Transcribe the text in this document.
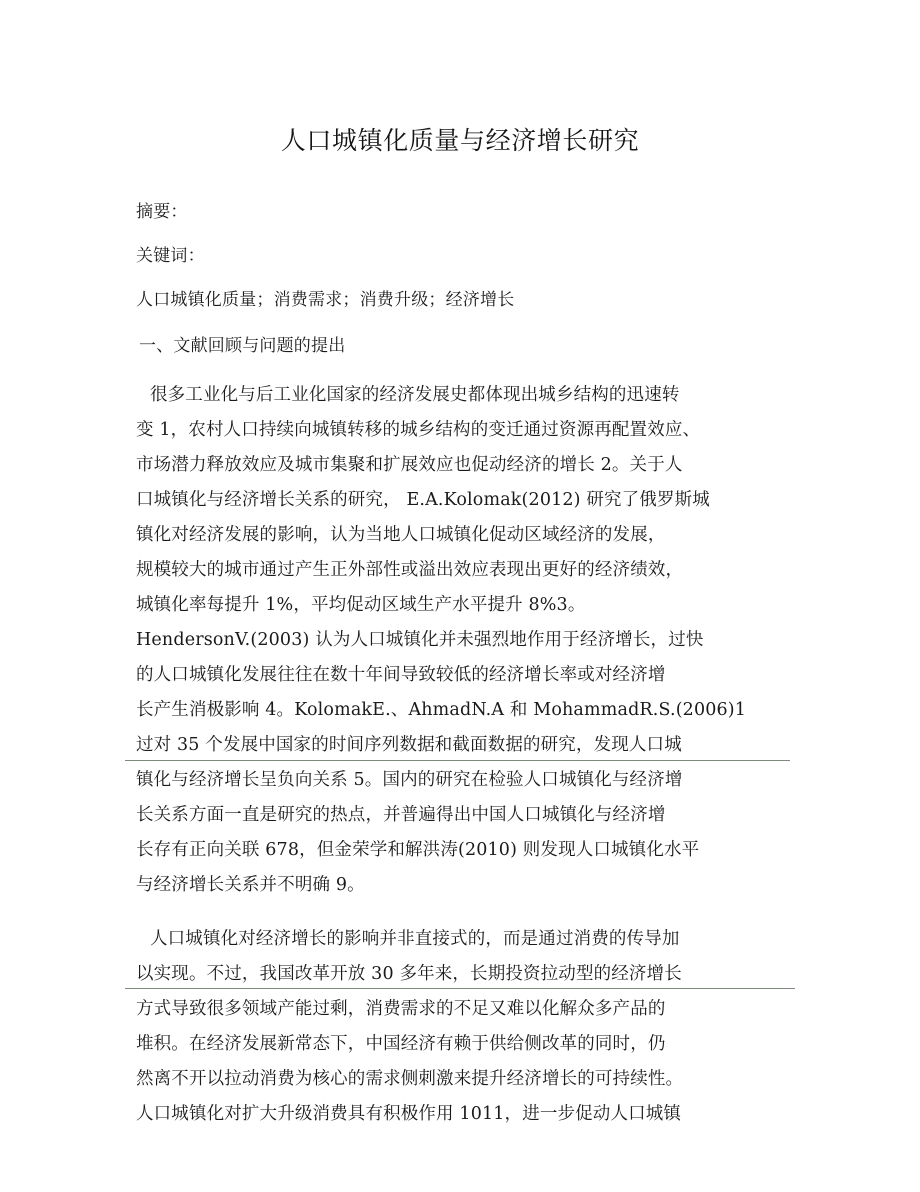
人口城镇化质量与经济增长研究
摘要：
关键词：
人口城镇化质量；消费需求；消费升级；经济增长
一、文献回顾与问题的提出
很多工业化与后工业化国家的经济发展史都体现出城乡结构的迅速转
变 1，农村人口持续向城镇转移的城乡结构的变迁通过资源再配置效应、
市场潜力释放效应及城市集聚和扩展效应也促动经济的增长 2。关于人
口城镇化与经济增长关系的研究， E.A.Kolomak(2012) 研究了俄罗斯城
镇化对经济发展的影响，认为当地人口城镇化促动区域经济的发展，
规模较大的城市通过产生正外部性或溢出效应表现出更好的经济绩效，
城镇化率每提升 1%，平均促动区域生产水平提升 8%3。
HendersonV.(2003) 认为人口城镇化并未强烈地作用于经济增长，过快
的人口城镇化发展往往在数十年间导致较低的经济增长率或对经济增
长产生消极影响 4。KolomakE.、AhmadN.A 和 MohammadR.S.(2006)1
过对 35 个发展中国家的时间序列数据和截面数据的研究，发现人口城
镇化与经济增长呈负向关系 5。国内的研究在检验人口城镇化与经济增
长关系方面一直是研究的热点，并普遍得出中国人口城镇化与经济增
长存有正向关联 678，但金荣学和解洪涛(2010) 则发现人口城镇化水平
与经济增长关系并不明确 9。
人口城镇化对经济增长的影响并非直接式的，而是通过消费的传导加
以实现。不过，我国改革开放 30 多年来，长期投资拉动型的经济增长
方式导致很多领域产能过剩，消费需求的不足又难以化解众多产品的
堆积。在经济发展新常态下，中国经济有赖于供给侧改革的同时，仍
然离不开以拉动消费为核心的需求侧刺激来提升经济增长的可持续性。
人口城镇化对扩大升级消费具有积极作用 1011，进一步促动人口城镇
